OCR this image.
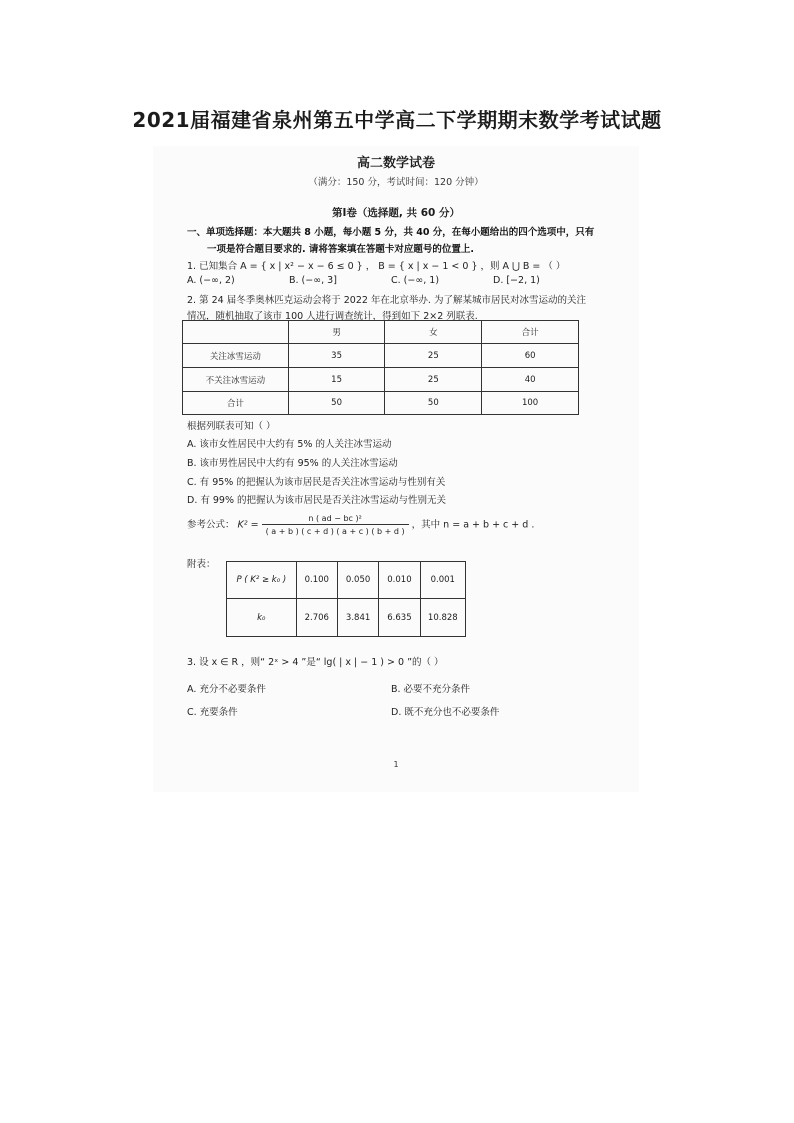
2021届福建省泉州第五中学高二下学期期末数学考试试题
高二数学试卷
（满分：150 分，考试时间：120 分钟）
第Ⅰ卷（选择题, 共 60 分）
一、单项选择题：本大题共 8 小题，每小题 5 分，共 40 分，在每小题给出的四个选项中，只有
一项是符合题目要求的. 请将答案填在答题卡对应题号的位置上.
1. 已知集合 A = { x | x² − x − 6 ≤ 0 } ， B = { x | x − 1 < 0 } ，则 A ⋃ B = （ ）
A. (−∞, 2)	B. (−∞, 3]	C. (−∞, 1)	D. [−2, 1)
2. 第 24 届冬季奥林匹克运动会将于 2022 年在北京举办. 为了解某城市居民对冰雪运动的关注
情况，随机抽取了该市 100 人进行调查统计，得到如下 2×2 列联表.
	男	女	合计
关注冰雪运动	35	25	60
不关注冰雪运动	15	25	40
合计	50	50	100
根据列联表可知（ ）
A. 该市女性居民中大约有 5% 的人关注冰雪运动
B. 该市男性居民中大约有 95% 的人关注冰雪运动
C. 有 95% 的把握认为该市居民是否关注冰雪运动与性别有关
D. 有 99% 的把握认为该市居民是否关注冰雪运动与性别无关
参考公式： $K^2 = \frac{\text{n ( ad − bc )²}}{( a + b ) ( c + d ) ( a + c ) ( b + d )}$ ，其中 n = a + b + c + d .
附表：
P ( K² ≥ k₀ )	0.100	0.050	0.010	0.001
k₀	2.706	3.841	6.635	10.828
3. 设 x ∈ R ，则“ 2ˣ > 4 ”是“ lg( | x | − 1 ) > 0 ”的（ ）
A. 充分不必要条件	B. 必要不充分条件
C. 充要条件	D. 既不充分也不必要条件
1
